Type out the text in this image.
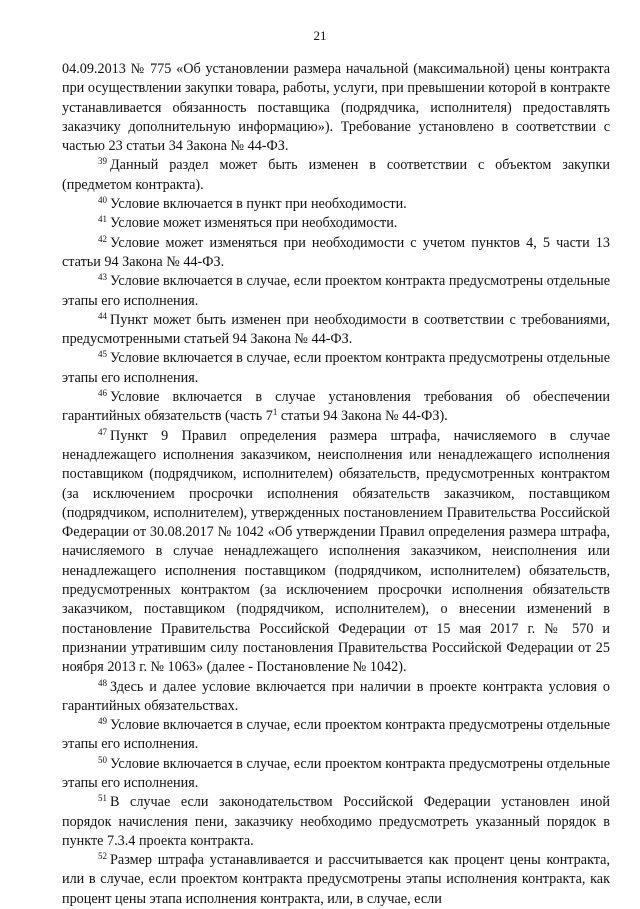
21

04.09.2013 № 775 «Об установлении размера начальной (максимальной) цены контракта при осуществлении закупки товара, работы, услуги, при превышении которой в контракте устанавливается обязанность поставщика (подрядчика, исполнителя) предоставлять заказчику дополнительную информацию»). Требование установлено в соответствии с частью 23 статьи 34 Закона № 44-ФЗ.

$^{39}$ Данный раздел может быть изменен в соответствии с объектом закупки (предметом контракта).

$^{40}$ Условие включается в пункт при необходимости.

$^{41}$ Условие может изменяться при необходимости.

$^{42}$ Условие может изменяться при необходимости с учетом пунктов 4, 5 части 13 статьи 94 Закона № 44-ФЗ.

$^{43}$ Условие включается в случае, если проектом контракта предусмотрены отдельные этапы его исполнения.

$^{44}$ Пункт может быть изменен при необходимости в соответствии с требованиями, предусмотренными статьей 94 Закона № 44-ФЗ.

$^{45}$ Условие включается в случае, если проектом контракта предусмотрены отдельные этапы его исполнения.

$^{46}$ Условие включается в случае установления требования об обеспечении гарантийных обязательств (часть $7^1$ статьи 94 Закона № 44-ФЗ).

$^{47}$ Пункт 9 Правил определения размера штрафа, начисляемого в случае ненадлежащего исполнения заказчиком, неисполнения или ненадлежащего исполнения поставщиком (подрядчиком, исполнителем) обязательств, предусмотренных контрактом (за исключением просрочки исполнения обязательств заказчиком, поставщиком (подрядчиком, исполнителем), утвержденных постановлением Правительства Российской Федерации от 30.08.2017 № 1042 «Об утверждении Правил определения размера штрафа, начисляемого в случае ненадлежащего исполнения заказчиком, неисполнения или ненадлежащего исполнения поставщиком (подрядчиком, исполнителем) обязательств, предусмотренных контрактом (за исключением просрочки исполнения обязательств заказчиком, поставщиком (подрядчиком, исполнителем), о внесении изменений в постановление Правительства Российской Федерации от 15 мая 2017 г. № 570 и признании утратившим силу постановления Правительства Российской Федерации от 25 ноября 2013 г. № 1063» (далее - Постановление № 1042).

$^{48}$ Здесь и далее условие включается при наличии в проекте контракта условия о гарантийных обязательствах.

$^{49}$ Условие включается в случае, если проектом контракта предусмотрены отдельные этапы его исполнения.

$^{50}$ Условие включается в случае, если проектом контракта предусмотрены отдельные этапы его исполнения.

$^{51}$ В случае если законодательством Российской Федерации установлен иной порядок начисления пени, заказчику необходимо предусмотреть указанный порядок в пункте 7.3.4 проекта контракта.

$^{52}$ Размер штрафа устанавливается и рассчитывается как процент цены контракта, или в случае, если проектом контракта предусмотрены этапы исполнения контракта, как процент цены этапа исполнения контракта, или, в случае, если
